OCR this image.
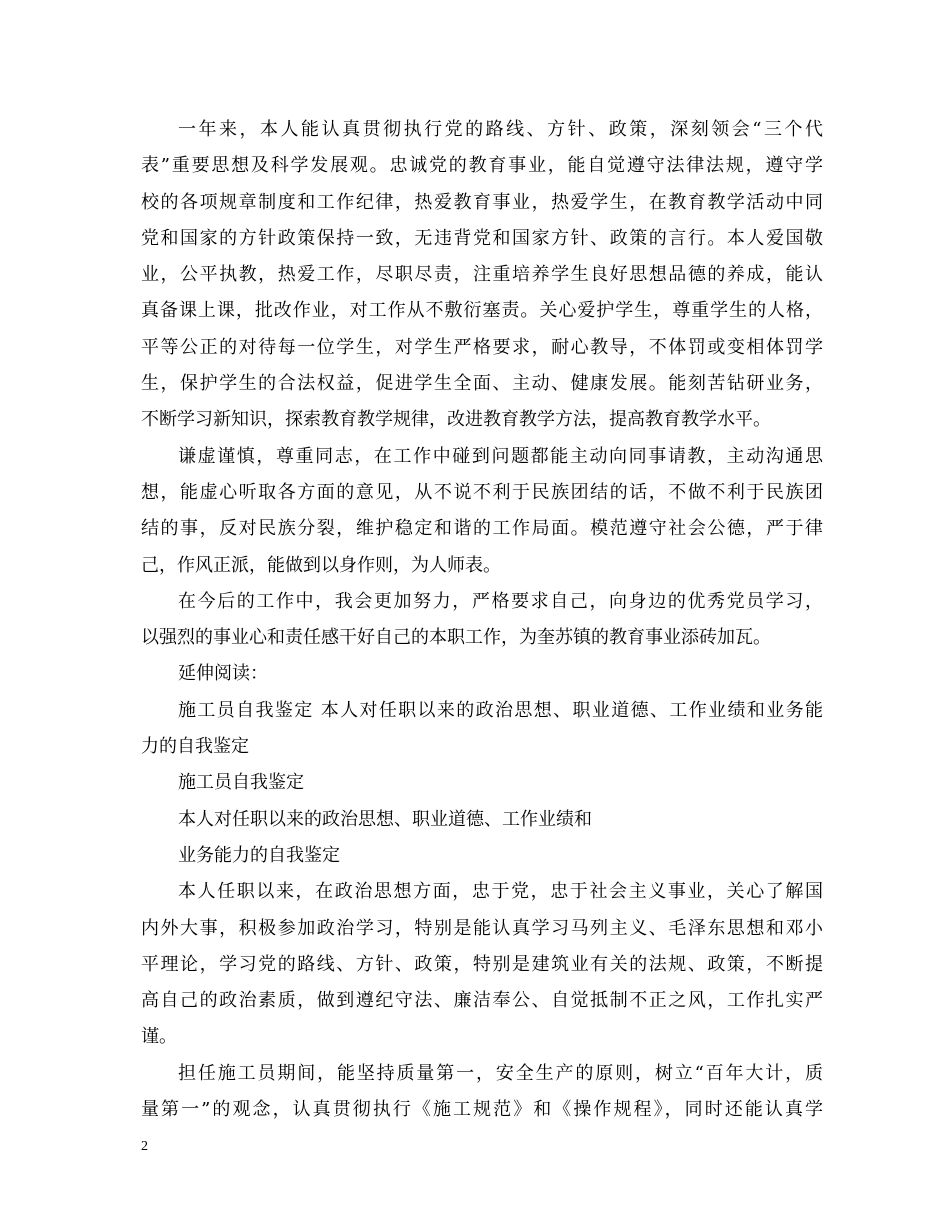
一年来，本人能认真贯彻执行党的路线、方针、政策，深刻领会“三个代
表”重要思想及科学发展观。忠诚党的教育事业，能自觉遵守法律法规，遵守学
校的各项规章制度和工作纪律，热爱教育事业，热爱学生，在教育教学活动中同
党和国家的方针政策保持一致，无违背党和国家方针、政策的言行。本人爱国敬
业，公平执教，热爱工作，尽职尽责，注重培养学生良好思想品德的养成，能认
真备课上课，批改作业，对工作从不敷衍塞责。关心爱护学生，尊重学生的人格，
平等公正的对待每一位学生，对学生严格要求，耐心教导，不体罚或变相体罚学
生，保护学生的合法权益，促进学生全面、主动、健康发展。能刻苦钻研业务，
不断学习新知识，探索教育教学规律，改进教育教学方法，提高教育教学水平。
谦虚谨慎，尊重同志，在工作中碰到问题都能主动向同事请教，主动沟通思
想，能虚心听取各方面的意见，从不说不利于民族团结的话，不做不利于民族团
结的事，反对民族分裂，维护稳定和谐的工作局面。模范遵守社会公德，严于律
己，作风正派，能做到以身作则，为人师表。
在今后的工作中，我会更加努力，严格要求自己，向身边的优秀党员学习，
以强烈的事业心和责任感干好自己的本职工作，为奎苏镇的教育事业添砖加瓦。
延伸阅读：
施工员自我鉴定 本人对任职以来的政治思想、职业道德、工作业绩和业务能
力的自我鉴定
施工员自我鉴定
本人对任职以来的政治思想、职业道德、工作业绩和
业务能力的自我鉴定
本人任职以来，在政治思想方面，忠于党，忠于社会主义事业，关心了解国
内外大事，积极参加政治学习，特别是能认真学习马列主义、毛泽东思想和邓小
平理论，学习党的路线、方针、政策，特别是建筑业有关的法规、政策，不断提
高自己的政治素质，做到遵纪守法、廉洁奉公、自觉抵制不正之风，工作扎实严
谨。
担任施工员期间，能坚持质量第一，安全生产的原则，树立“百年大计，质
量第一”的观念，认真贯彻执行《施工规范》和《操作规程》，同时还能认真学
2
